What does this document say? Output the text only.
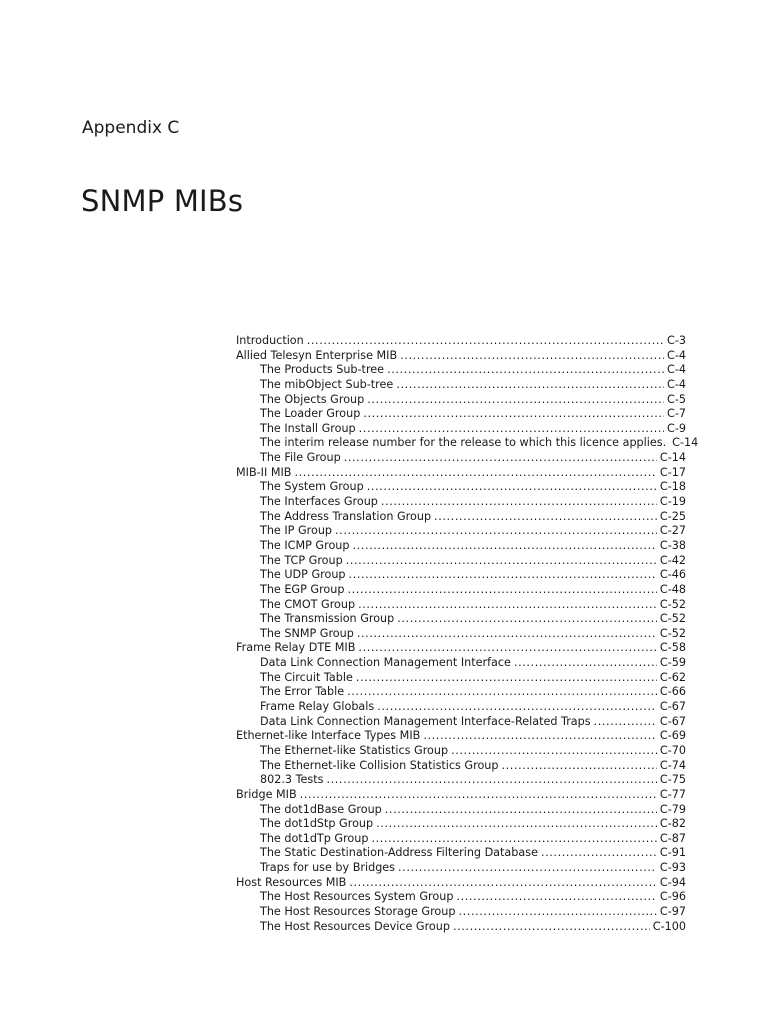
Appendix C
SNMP MIBs
Introduction .....	C-3
Allied Telesyn Enterprise MIB .....	C-4
The Products Sub-tree .....	C-4
The mibObject Sub-tree .....	C-4
The Objects Group .....	C-5
The Loader Group .....	C-7
The Install Group .....	C-9
The interim release number for the release to which this licence applies. C-14
The File Group .....	C-14
MIB-II MIB .....	C-17
The System Group .....	C-18
The Interfaces Group .....	C-19
The Address Translation Group .....	C-25
The IP Group .....	C-27
The ICMP Group .....	C-38
The TCP Group .....	C-42
The UDP Group .....	C-46
The EGP Group .....	C-48
The CMOT Group .....	C-52
The Transmission Group .....	C-52
The SNMP Group .....	C-52
Frame Relay DTE MIB .....	C-58
Data Link Connection Management Interface .....	C-59
The Circuit Table .....	C-62
The Error Table .....	C-66
Frame Relay Globals .....	C-67
Data Link Connection Management Interface-Related Traps .....	C-67
Ethernet-like Interface Types MIB .....	C-69
The Ethernet-like Statistics Group .....	C-70
The Ethernet-like Collision Statistics Group .....	C-74
802.3 Tests .....	C-75
Bridge MIB .....	C-77
The dot1dBase Group .....	C-79
The dot1dStp Group .....	C-82
The dot1dTp Group .....	C-87
The Static Destination-Address Filtering Database .....	C-91
Traps for use by Bridges .....	C-93
Host Resources MIB .....	C-94
The Host Resources System Group .....	C-96
The Host Resources Storage Group .....	C-97
The Host Resources Device Group .....	C-100
